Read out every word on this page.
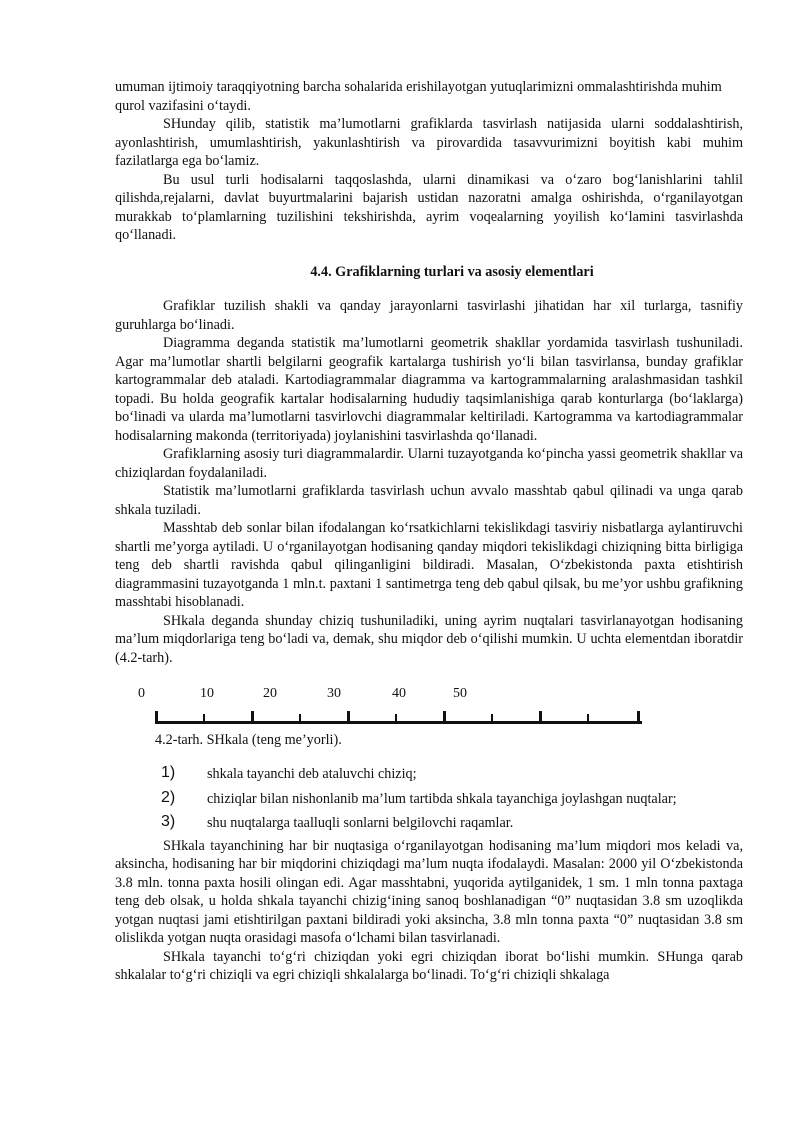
umuman ijtimoiy taraqqiyotning barcha sohalarida erishilayotgan yutuqlarimizni ommalashtirishda muhim qurol vazifasini o‘taydi.

SHunday qilib, statistik ma’lumotlarni grafiklarda tasvirlash natijasida ularni soddalashtirish, ayonlashtirish, umumlashtirish, yakunlashtirish va pirovardida tasavvurimizni boyitish kabi muhim fazilatlarga ega bo‘lamiz.

Bu usul turli hodisalarni taqqoslashda, ularni dinamikasi va o‘zaro bog‘lanishlarini tahlil qilishda,rejalarni, davlat buyurtmalarini bajarish ustidan nazoratni amalga oshirishda, o‘rganilayotgan murakkab to‘plamlarning tuzilishini tekshirishda, ayrim voqealarning yoyilish ko‘lamini tasvirlashda qo‘llanadi.

4.4. Grafiklarning turlari va asosiy elementlari

Grafiklar tuzilish shakli va qanday jarayonlarni tasvirlashi jihatidan har xil turlarga, tasnifiy guruhlarga bo‘linadi.

Diagramma deganda statistik ma’lumotlarni geometrik shakllar yordamida tasvirlash tushuniladi. Agar ma’lumotlar shartli belgilarni geografik kartalarga tushirish yo‘li bilan tasvirlansa, bunday grafiklar kartogrammalar deb ataladi. Kartodiagrammalar diagramma va kartogrammalarning aralashmasidan tashkil topadi. Bu holda geografik kartalar hodisalarning hududiy taqsimlanishiga qarab konturlarga (bo‘laklarga) bo‘linadi va ularda ma’lumotlarni tasvirlovchi diagrammalar keltiriladi. Kartogramma va kartodiagrammalar hodisalarning makonda (territoriyada) joylanishini tasvirlashda qo‘llanadi.

Grafiklarning asosiy turi diagrammalardir. Ularni tuzayotganda ko‘pincha yassi geometrik shakllar va chiziqlardan foydalaniladi.

Statistik ma’lumotlarni grafiklarda tasvirlash uchun avvalo masshtab qabul qilinadi va unga qarab shkala tuziladi.

Masshtab deb sonlar bilan ifodalangan ko‘rsatkichlarni tekislikdagi tasviriy nisbatlarga aylantiruvchi shartli me’yorga aytiladi. U o‘rganilayotgan hodisaning qanday miqdori tekislikdagi chiziqning bitta birligiga teng deb shartli ravishda qabul qilinganligini bildiradi. Masalan, O‘zbekistonda paxta etishtirish diagrammasini tuzayotganda 1 mln.t. paxtani 1 santimetrga teng deb qabul qilsak, bu me’yor ushbu grafikning masshtabi hisoblanadi.

SHkala deganda shunday chiziq tushuniladiki, uning ayrim nuqtalari tasvirlanayotgan hodisaning ma’lum miqdorlariga teng bo‘ladi va, demak, shu miqdor deb o‘qilishi mumkin. U uchta elementdan iboratdir (4.2-tarh).

0	10	20	30	40	50
4.2-tarh. SHkala (teng me’yorli).
1) shkala tayanchi deb ataluvchi chiziq;
2) chiziqlar bilan nishonlanib ma’lum tartibda shkala tayanchiga joylashgan nuqtalar;
3) shu nuqtalarga taalluqli sonlarni belgilovchi raqamlar.

SHkala tayanchining har bir nuqtasiga o‘rganilayotgan hodisaning ma’lum miqdori mos keladi va, aksincha, hodisaning har bir miqdorini chiziqdagi ma’lum nuqta ifodalaydi. Masalan: 2000 yil O‘zbekistonda 3.8 mln. tonna paxta hosili olingan edi. Agar masshtabni, yuqorida aytilganidek, 1 sm. 1 mln tonna paxtaga teng deb olsak, u holda shkala tayanchi chizig‘ining sanoq boshlanadigan “0” nuqtasidan 3.8 sm uzoqlikda yotgan nuqtasi jami etishtirilgan paxtani bildiradi yoki aksincha, 3.8 mln tonna paxta “0” nuqtasidan 3.8 sm olislikda yotgan nuqta orasidagi masofa o‘lchami bilan tasvirlanadi.

SHkala tayanchi to‘g‘ri chiziqdan yoki egri chiziqdan iborat bo‘lishi mumkin. SHunga qarab shkalalar to‘g‘ri chiziqli va egri chiziqli shkalalarga bo‘linadi. To‘g‘ri chiziqli shkalaga
